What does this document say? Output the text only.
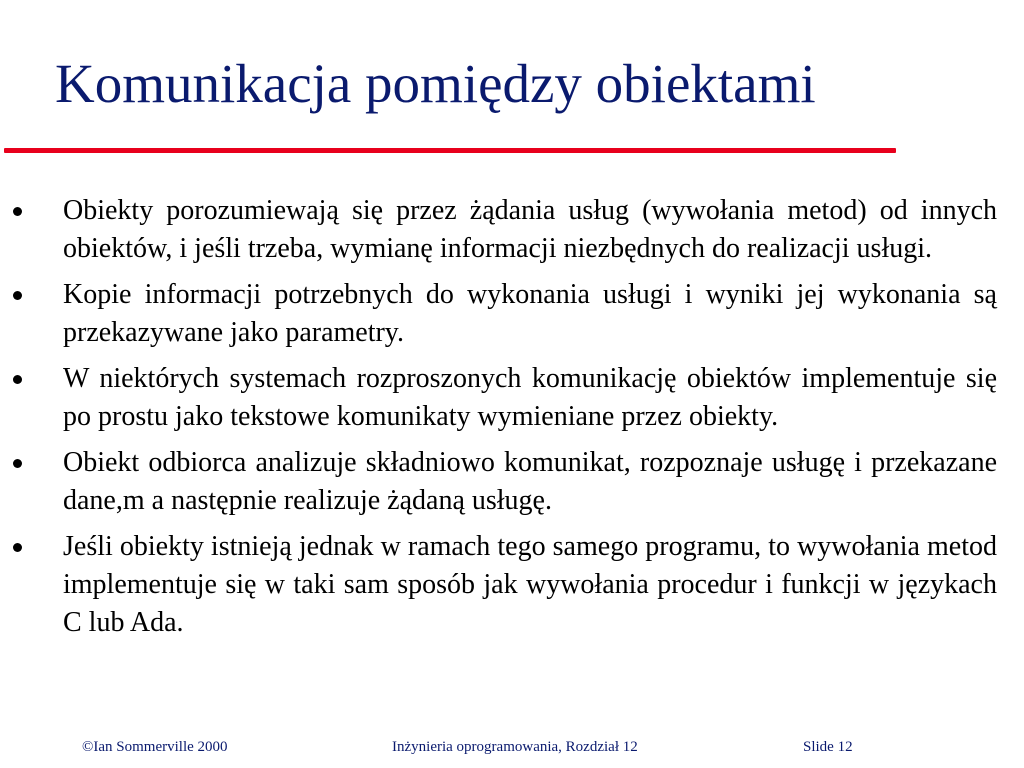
Komunikacja pomiędzy obiektami
Obiekty porozumiewają się przez żądania usług (wywołania metod) od innych obiektów, i jeśli trzeba, wymianę informacji niezbędnych do realizacji usługi.
Kopie informacji potrzebnych do wykonania usługi i wyniki jej wykonania są przekazywane jako parametry.
W niektórych systemach rozproszonych komunikację obiektów implementuje się po prostu jako tekstowe komunikaty wymieniane przez obiekty.
Obiekt odbiorca analizuje składniowo komunikat, rozpoznaje usługę i przekazane dane,m a następnie realizuje żądaną usługę.
Jeśli obiekty istnieją jednak w ramach tego samego programu, to wywołania metod implementuje się w taki sam sposób jak wywołania procedur i funkcji w językach C lub Ada.
©Ian Sommerville 2000	Inżynieria oprogramowania, Rozdział 12	Slide 12
